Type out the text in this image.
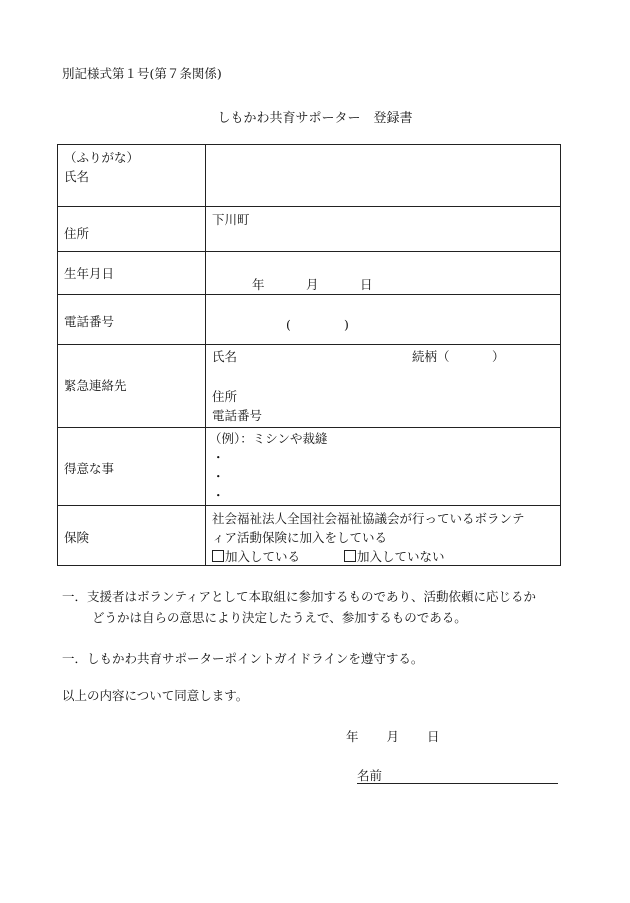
別記様式第１号(第７条関係)
しもかわ共育サポーター　登録書
（ふりがな）
氏名	

住所	下川町

生年月日	年 月 日

電話番号	( )

緊急連絡先	氏名 続柄（ ）
住所
電話番号

得意な事	（例）：ミシンや裁縫
・
・
・

保険	社会福祉法人全国社会福祉協議会が行っているボランテ
ィア活動保険に加入をしている
加入している 加入していない
一．支援者はボランティアとして本取組に参加するものであり、活動依頼に応じるか
どうかは自らの意思により決定したうえで、参加するものである。
一．しもかわ共育サポーターポイントガイドラインを遵守する。
以上の内容について同意します。
年 月 日
名前
